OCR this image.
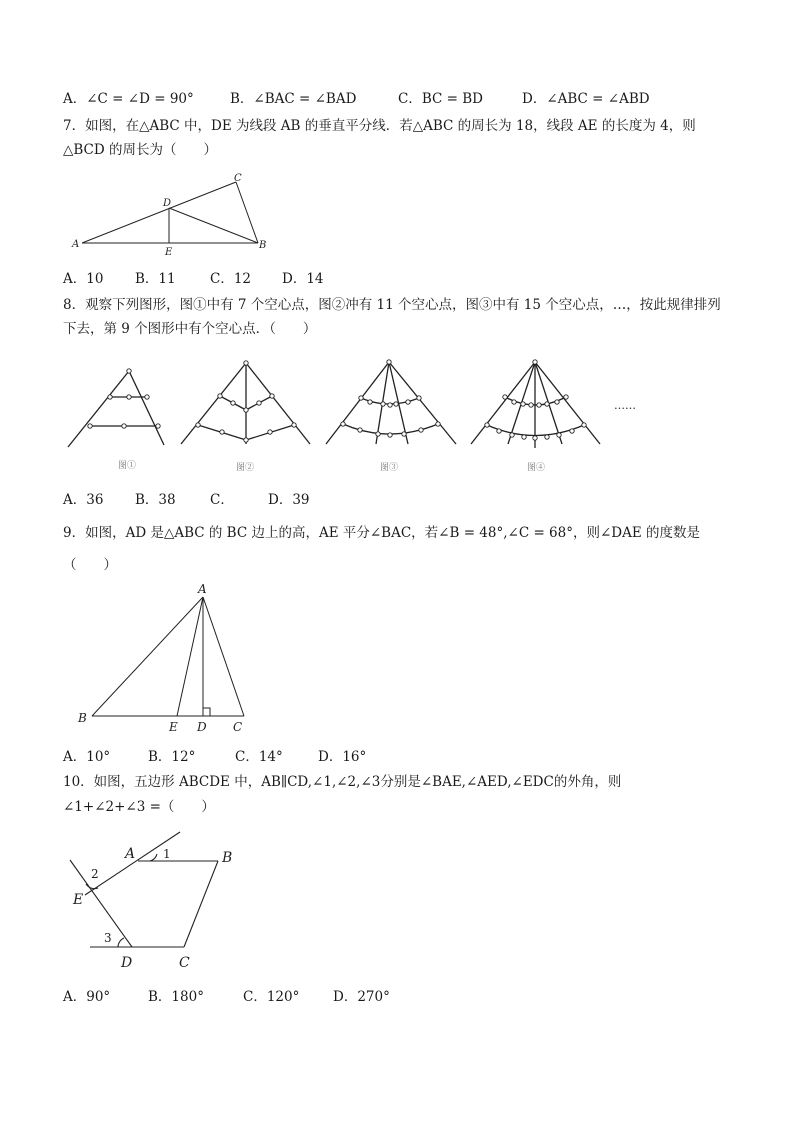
A．∠C = ∠D = 90°	B．∠BAC = ∠BAD	C．BC = BD	D．∠ABC = ∠ABD
7．如图，在△ABC 中，DE 为线段 AB 的垂直平分线．若△ABC 的周长为 18，线段 AE 的长度为 4，则
△BCD 的周长为（　　）
A	B
C
D
E
A．10 B．11	C．12 D．14
8．观察下列图形，图①中有 7 个空心点，图②冲有 11 个空心点，图③中有 15 个空心点，…，按此规律排列
下去，第 9 个图形中有个空心点．（　　）
图①	图②	图③	图④
……
A．36 B．38	C．	D．39
9．如图，AD 是△ABC 的 BC 边上的高，AE 平分∠BAC，若∠B = 48°,∠C = 68°，则∠DAE 的度数是
（　　）
A
B
C
D
E
A．10°	B．12°	C．14°	D．16°
10．如图，五边形 ABCDE 中，AB∥CD,∠1,∠2,∠3分别是∠BAE,∠AED,∠EDC的外角，则
∠1+∠2+∠3 =（　　）
A	B
C
D
E
1
2
3
A．90°	B．180°	C．120° D．270°
